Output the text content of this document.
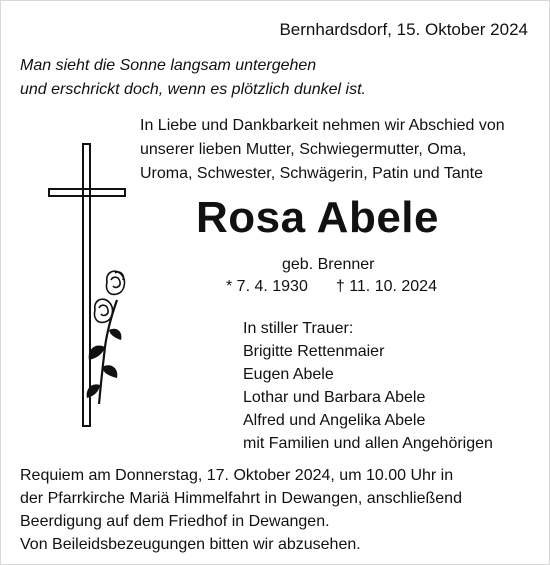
Bernhardsdorf, 15. Oktober 2024
Man sieht die Sonne langsam untergehen
und erschrickt doch, wenn es plötzlich dunkel ist.
In Liebe und Dankbarkeit nehmen wir Abschied von
unserer lieben Mutter, Schwiegermutter, Oma,
Uroma, Schwester, Schwägerin, Patin und Tante
Rosa Abele
geb. Brenner
* 7. 4. 1930 † 11. 10. 2024
In stiller Trauer:
Brigitte Rettenmaier
Eugen Abele
Lothar und Barbara Abele
Alfred und Angelika Abele
mit Familien und allen Angehörigen
Requiem am Donnerstag, 17. Oktober 2024, um 10.00 Uhr in
der Pfarrkirche Mariä Himmelfahrt in Dewangen, anschließend
Beerdigung auf dem Friedhof in Dewangen.
Von Beileidsbezeugungen bitten wir abzusehen.
